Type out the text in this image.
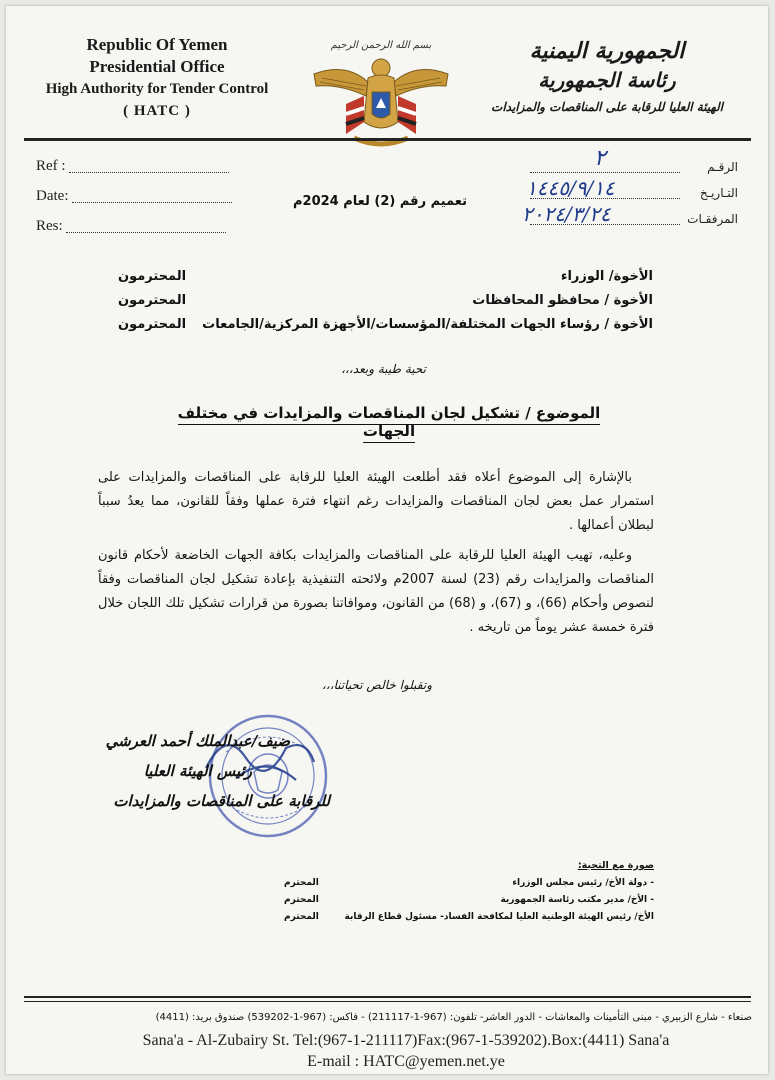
Republic Of Yemen
Presidential Office
High Authority for Tender Control
( HATC )
بسم الله الرحمن الرحيم	الجمهورية اليمنية
رئاسة الجمهورية
الهيئة العليا للرقابة على المناقصات والمزايدات
Ref :
Date:
Res:
الرقـم
التـاريـخ
المرفقـات
٢
١٤٤٥/٩/١٤
٢٠٢٤/٣/٢٤
تعميم رقم (2) لعام 2024م
الأخوة/ الوزراء
المحترمون
الأخوة / محافظو المحافظات
المحترمون
الأخوة / رؤساء الجهات المختلفة/المؤسسات/الأجهزة المركزية/الجامعات
المحترمون
تحية طيبة وبعد،،،
الموضوع / تشكيل لجان المناقصات والمزايدات في مختلف الجهات

بالإشارة إلى الموضوع أعلاه فقد أطلعت الهيئة العليا للرقابة على المناقصات والمزايدات على استمرار عمل بعض لجان المناقصات والمزايدات رغم انتهاء فترة عملها وفقاً للقانون، مما يعدُ سبباً لبطلان أعمالها .

وعليه، تهيب الهيئة العليا للرقابة على المناقصات والمزايدات بكافة الجهات الخاضعة لأحكام قانون المناقصات والمزايدات رقم (23) لسنة 2007م ولائحته التنفيذية بإعادة تشكيل لجان المناقصات وفقاً لنصوص وأحكام (66)، و (67)، و (68) من القانون، وموافاتنا بصورة من قرارات تشكيل تلك اللجان خلال فترة خمسة عشر يوماً من تاريخه .

وتقبلوا خالص تحياتنا،،،
ضيف/عبدالملك أحمد العرشي
رئيس الهيئة العليا
للرقابة على المناقصات والمزايدات
صورة مع التحية:
- دولة الأخ/ رئيس مجلس الوزراء
المحترم
- الأخ/ مدير مكتب رئاسة الجمهورية
المحترم
الأخ/ رئيس الهيئة الوطنية العليا لمكافحة الفساد- مسئول قطاع الرقابة
المحترم
صنعاء - شارع الزبيري - مبنى التأمينات والمعاشات - الدور العاشر- تلفون: (967-1-211117) - فاكس: (967-1-539202) صندوق بريد: (4411)
Sana'a - Al-Zubairy St. Tel:(967-1-211117)Fax:(967-1-539202).Box:(4411) Sana'a
E-mail : HATC@yemen.net.ye
